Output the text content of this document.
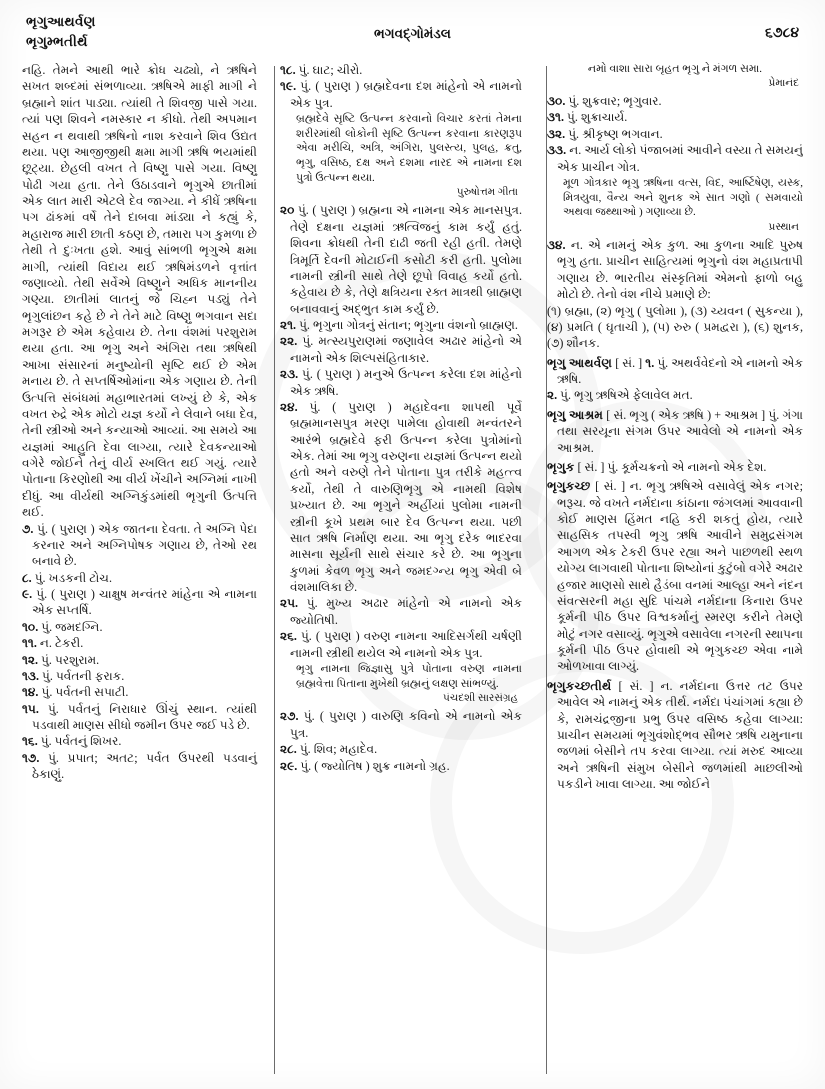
ભૃગુઆથર્વણ
ભૃગુમ્ભતીર્થ
ભગવદ્ગોમંડલ	૬૭૮૪

નહિ. તેમને આથી ભારે ક્રોધ ચઢ્યો, ને ઋષિને સખત શબ્દમાં સંભળાવ્યા. ઋષિએ માફી માગી ને બ્રહ્માને શાંત પાડ્યા. ત્યાંથી તે શિવજી પાસે ગયા. ત્યાં પણ શિવને નમસ્કાર ન કીધો. તેથી અપમાન સહન ન થવાથી ઋષિનો નાશ કરવાને શિવ ઉદ્યત થયા. પણ આજીજીથી ક્ષમા માગી ઋષિ ભયમાંથી છૂટ્યા. છેહલી વખત તે વિષ્ણુ પાસે ગયા. વિષ્ણુ પોઢી ગયા હતા. તેને ઉઠાડવાને ભૃગુએ છાતીમાં એક લાત મારી એટલે દેવ જાગ્યા. ને કીધેં ઋષિના પગ ઢાંકમાં વર્ષે તેને દાબવા માંડ્યા ને કહ્યું કે, મહારાજ મારી છાતી કઠણ છે, તમારા પગ કુમળા છે તેથી તે દુઃખતા હશે. આવું સાંભળી ભૃગુએ ક્ષમા માગી, ત્યાંથી વિદાય થઈ ઋષિમંડળને વૃત્તાંત જણાવ્યો. તેથી સર્વેએ વિષ્ણુને અધિક માનનીય ગણ્યા. છાતીમાં લાતનું જે ચિહ્ન પડ્યું તેને ભૃગુલાંછન કહે છે ને તેને માટે વિષ્ણુ ભગવાન સદા મગરૂર છે એમ કહેવાય છે. તેના વંશમાં પરશુરામ થયા હતા. આ ભૃગુ અને અંગિરા તથા ઋષિથી આખા સંસારનાં મનુષ્યોની સૃષ્ટિ થઈ છે એમ મનાય છે. તે સપ્તર્ષિઓમાંના એક ગણાય છે. તેની ઉત્પત્તિ સંબંધમાં મહાભારતમાં લખ્યું છે કે, એક વખત રુદ્રે એક મોટો યજ્ઞ કર્યો ને લેવાને બધા દેવ, તેની સ્ત્રીઓ અને કન્યાઓ આવ્યાં. આ સમયે આ યજ્ઞમાં આહુતિ દેવા લાગ્યા, ત્યારે દેવકન્યાઓ વગેરે જોઈને તેનું વીર્ય સ્ખલિત થઈ ગયું. ત્યારે પોતાના કિરણોથી આ વીર્ય ખેંચીને અગ્નિમાં નાખી દીધું. આ વીર્યથી અગ્નિકુંડમાંથી ભૃગુની ઉત્પત્તિ થઈ.

૭. પું. ( પુરાણ ) એક જાતના દેવતા. તે અગ્નિ પેદા કરનાર અને અગ્નિપોષક ગણાય છે, તેઓ રથ બનાવે છે.

૮. પું. ખડકની ટોચ.

૯. પું. ( પુરાણ ) ચાક્ષુષ મન્વંતર માંહેના એ નામના એક સપ્તર્ષિ.

૧૦. પું. જમદગ્નિ.

૧૧. ન. ટેકરી.

૧૨. પું. પરશુરામ.

૧૩. પું. પર્વતની ફરાક.

૧૪. પું. પર્વતની સપાટી.

૧૫. પું. પર્વતનું નિરાધાર ઊંચું સ્થાન. ત્યાંથી પડવાથી માણસ સીધો જમીન ઉપર જઈ પડે છે.

૧૬. પું. પર્વતનું શિખર.

૧૭. પું. પ્રપાત; અતટ; પર્વત ઉપરથી પડવાનું ઠેકાણું.

૧૮. પું. ઘાટ; ચીરો.

૧૯. પું. ( પુરાણ ) બ્રહ્મદેવના દશ માંહેનો એ નામનો એક પુત્ર.

બ્રહ્મદેવે સૃષ્ટિ ઉત્પન્ન કરવાનો વિચાર કરતાં તેમના શરીરમાંથી લોકોની સૃષ્ટિ ઉત્પન્ન કરવાના કારણરૂપ એવા મરીચિ, અત્રિ, અંગિરા, પુલસ્ત્ય, પુલહ, ક્રતુ, ભૃગુ, વસિષ્ઠ, દક્ષ અને દશમા નારદ એ નામના દશ પુત્રો ઉત્પન્ન થયા.

પુરુષોત્તમ ગીતા

૨૦ પું. ( પુરાણ ) બ્રહ્મના એ નામના એક માનસપુત્ર. તેણે દક્ષના યજ્ઞમાં ઋત્વિજનું કામ કર્યું હતું. શિવના ક્રોધથી તેની દાઢી જતી રહી હતી. તેમણે ત્રિમૂર્તિ દેવની મોટાઈની કસોટી કરી હતી. પુલોમા નામની સ્ત્રીની સાથે તેણે છૂપો વિવાહ કર્યો હતો. કહેવાય છે કે, તેણે ક્ષત્રિયના રક્ત માત્રથી બ્રાહ્મણ બનાવવાનું અદ્ભુત કામ કર્યું છે.

૨૧. પું. ભૃગુના ગોત્રનું સંતાન; ભૃગુના વંશનો બ્રાહ્મણ.

૨૨. પું. મત્સ્યપુરાણમાં જણાવેલ અઢાર માંહેનો એ નામનો એક શિલ્પસંહિતાકાર.

૨૩. પું. ( પુરાણ ) મનુએ ઉત્પન્ન કરેલા દશ માંહેનો એક ઋષિ.

૨૪. પું. ( પુરાણ ) મહાદેવના શાપથી પૂર્વે બ્રહ્મમાનસપુત્ર મરણ પામેલા હોવાથી મન્વંતરને આરંભે બ્રહ્મદેવે ફરી ઉત્પન્ન કરેલા પુત્રોમાંનો એક. તેમાં આ ભૃગુ વરુણના યજ્ઞમાં ઉત્પન્ન થયો હતો અને વરુણે તેને પોતાના પુત્ર તરીકે મહત્ત્વ કર્યો, તેથી તે વારુણિભૃગુ એ નામથી વિશેષ પ્રખ્યાત છે. આ ભૃગુને અહીંયાં પુલોમા નામની સ્ત્રીની કૂખે પ્રથમ બાર દેવ ઉત્પન્ન થયા. પછી સાત ઋષિ નિર્માણ થયા. આ ભૃગુ દરેક ભાદરવા માસના સૂર્યની સાથે સંચાર કરે છે. આ ભૃગુના કુળમાં કેવળ ભૃગુ અને જમદગ્ન્ય ભૃગુ એવી બે વંશમાલિકા છે.

૨૫. પું. મુખ્ય અઢાર માંહેનો એ નામનો એક જ્યોતિષી.

૨૬. પું. ( પુરાણ ) વરુણ નામના આદિસર્ગથી ચર્ષણી નામની સ્ત્રીથી થયેલ એ નામનો એક પુત્ર.

ભૃગુ નામના જિજ્ઞાસુ પુત્રે પોતાના વરુણ નામના બ્રહ્મવેત્તા પિતાના મુખેથી બ્રહ્મનું લક્ષણ સાંભળ્યું.

પંચદશી સારસંગ્રહ

૨૭. પું. ( પુરાણ ) વારુણિ કવિનો એ નામનો એક પુત્ર.

૨૮. પું. શિવ; મહાદેવ.

૨૯. પું. ( જ્યોતિષ ) શુક્ર નામનો ગ્રહ.

નમો વાશા સારા બૃહત ભૃગુ ને મંગળ સમા.

પ્રેમાનંદ

૩૦. પું. શુક્રવાર; ભૃગુવાર.

૩૧. પું. શુક્રાચાર્ય.

૩૨. પું. શ્રીકૃષ્ણ ભગવાન.

૩૩. ન. આર્ય લોકો પંજાબમાં આવીને વસ્યા તે સમયનું એક પ્રાચીન ગોત્ર.

મૂળ ગોત્રકાર ભૃગુ ઋષિના વત્સ, વિદ, આર્ષ્ટિષેણ, યસ્ક, મિત્રયુવા, વૈન્ય અને શુનક એ સાત ગણો ( સમવાયો અથવા જથ્થાઓ ) ગણાવ્યા છે.

પ્રસ્થાન

૩૪. ન. એ નામનું એક કુળ. આ કુળના આદિ પુરુષ ભૃગુ હતા. પ્રાચીન સાહિત્યમાં ભૃગુનો વંશ મહાપ્રતાપી ગણાય છે. ભારતીય સંસ્કૃતિમાં એમનો ફાળો બહુ મોટો છે. તેનો વંશ નીચે પ્રમાણે છે:

(૧) બ્રહ્મા, (૨) ભૃગુ ( પુલોમા ), (૩) ચ્યવન ( સુકન્યા ), (૪) પ્રમતિ ( ઘૃતાચી ), (૫) રુરુ ( પ્રમદ્વરા ), (૬) શુનક, (૭) શૌનક.

ભૃગુ આથર્વણ [ સં. ] ૧. પું. અથર્વવેદનો એ નામનો એક ઋષિ.

૨. પું. ભૃગુ ઋષિએ ફેલાવેલ મત.

ભૃગુ આશ્રમ [ સં. ભૃગુ ( એક ઋષિ ) + આશ્રમ ] પું. ગંગા તથા સરયૂના સંગમ ઉપર આવેલો એ નામનો એક આશ્રમ.

ભૃગુક [ સં. ] પું. કૂર્મચક્રનો એ નામનો એક દેશ.

ભૃગુકચ્છ [ સં. ] ન. ભૃગુ ઋષિએ વસાવેલું એક નગર; ભરૂચ. જે વખતે નર્મદાના કાંઠાના જંગલમાં આવવાની કોઈ માણસ હિંમત નહિ કરી શકતું હોય, ત્યારે સાહસિક તપસ્વી ભૃગુ ઋષિ આવીને સમુદ્રસંગમ આગળ એક ટેકરી ઉપર રહ્યા અને પાછળથી સ્થળ યોગ્ય લાગવાથી પોતાના શિષ્યોનાં કુટુંબો વગેરે અઢાર હજાર માણસો સાથે હૈડંબા વનમાં આલ્હા અને નંદન સંવત્સરની મહા સુદિ પાંચમે નર્મદાના કિનારા ઉપર કૂર્મની પીઠ ઉપર વિશ્વકર્માનું સ્મરણ કરીને તેમણે મોટું નગર વસાવ્યું. ભૃગુએ વસાવેલા નગરની સ્થાપના કૂર્મની પીઠ ઉપર હોવાથી એ ભૃગુકચ્છ એવા નામે ઓળખાવા લાગ્યું.

ભૃગુકચ્છતીર્થ [ સં. ] ન. નર્મદાના ઉત્તર તટ ઉપર આવેલ એ નામનું એક તીર્થ. નર્મદા પંચાંગમાં કહ્યા છે કે, રામચંદ્રજીના પ્રભુ ઉપર વસિષ્ઠ કહેવા લાગ્યા: પ્રાચીન સમયમાં ભૃગુવંશોદ્ભવ સૌભર ઋષિ યમુનાના જળમાં બેસીને તપ કરવા લાગ્યા. ત્યાં મરુદ આવ્યા અને ઋષિની સંમુખ બેસીને જળમાંથી માછલીઓ પકડીને ખાવા લાગ્યા. આ જોઈને
